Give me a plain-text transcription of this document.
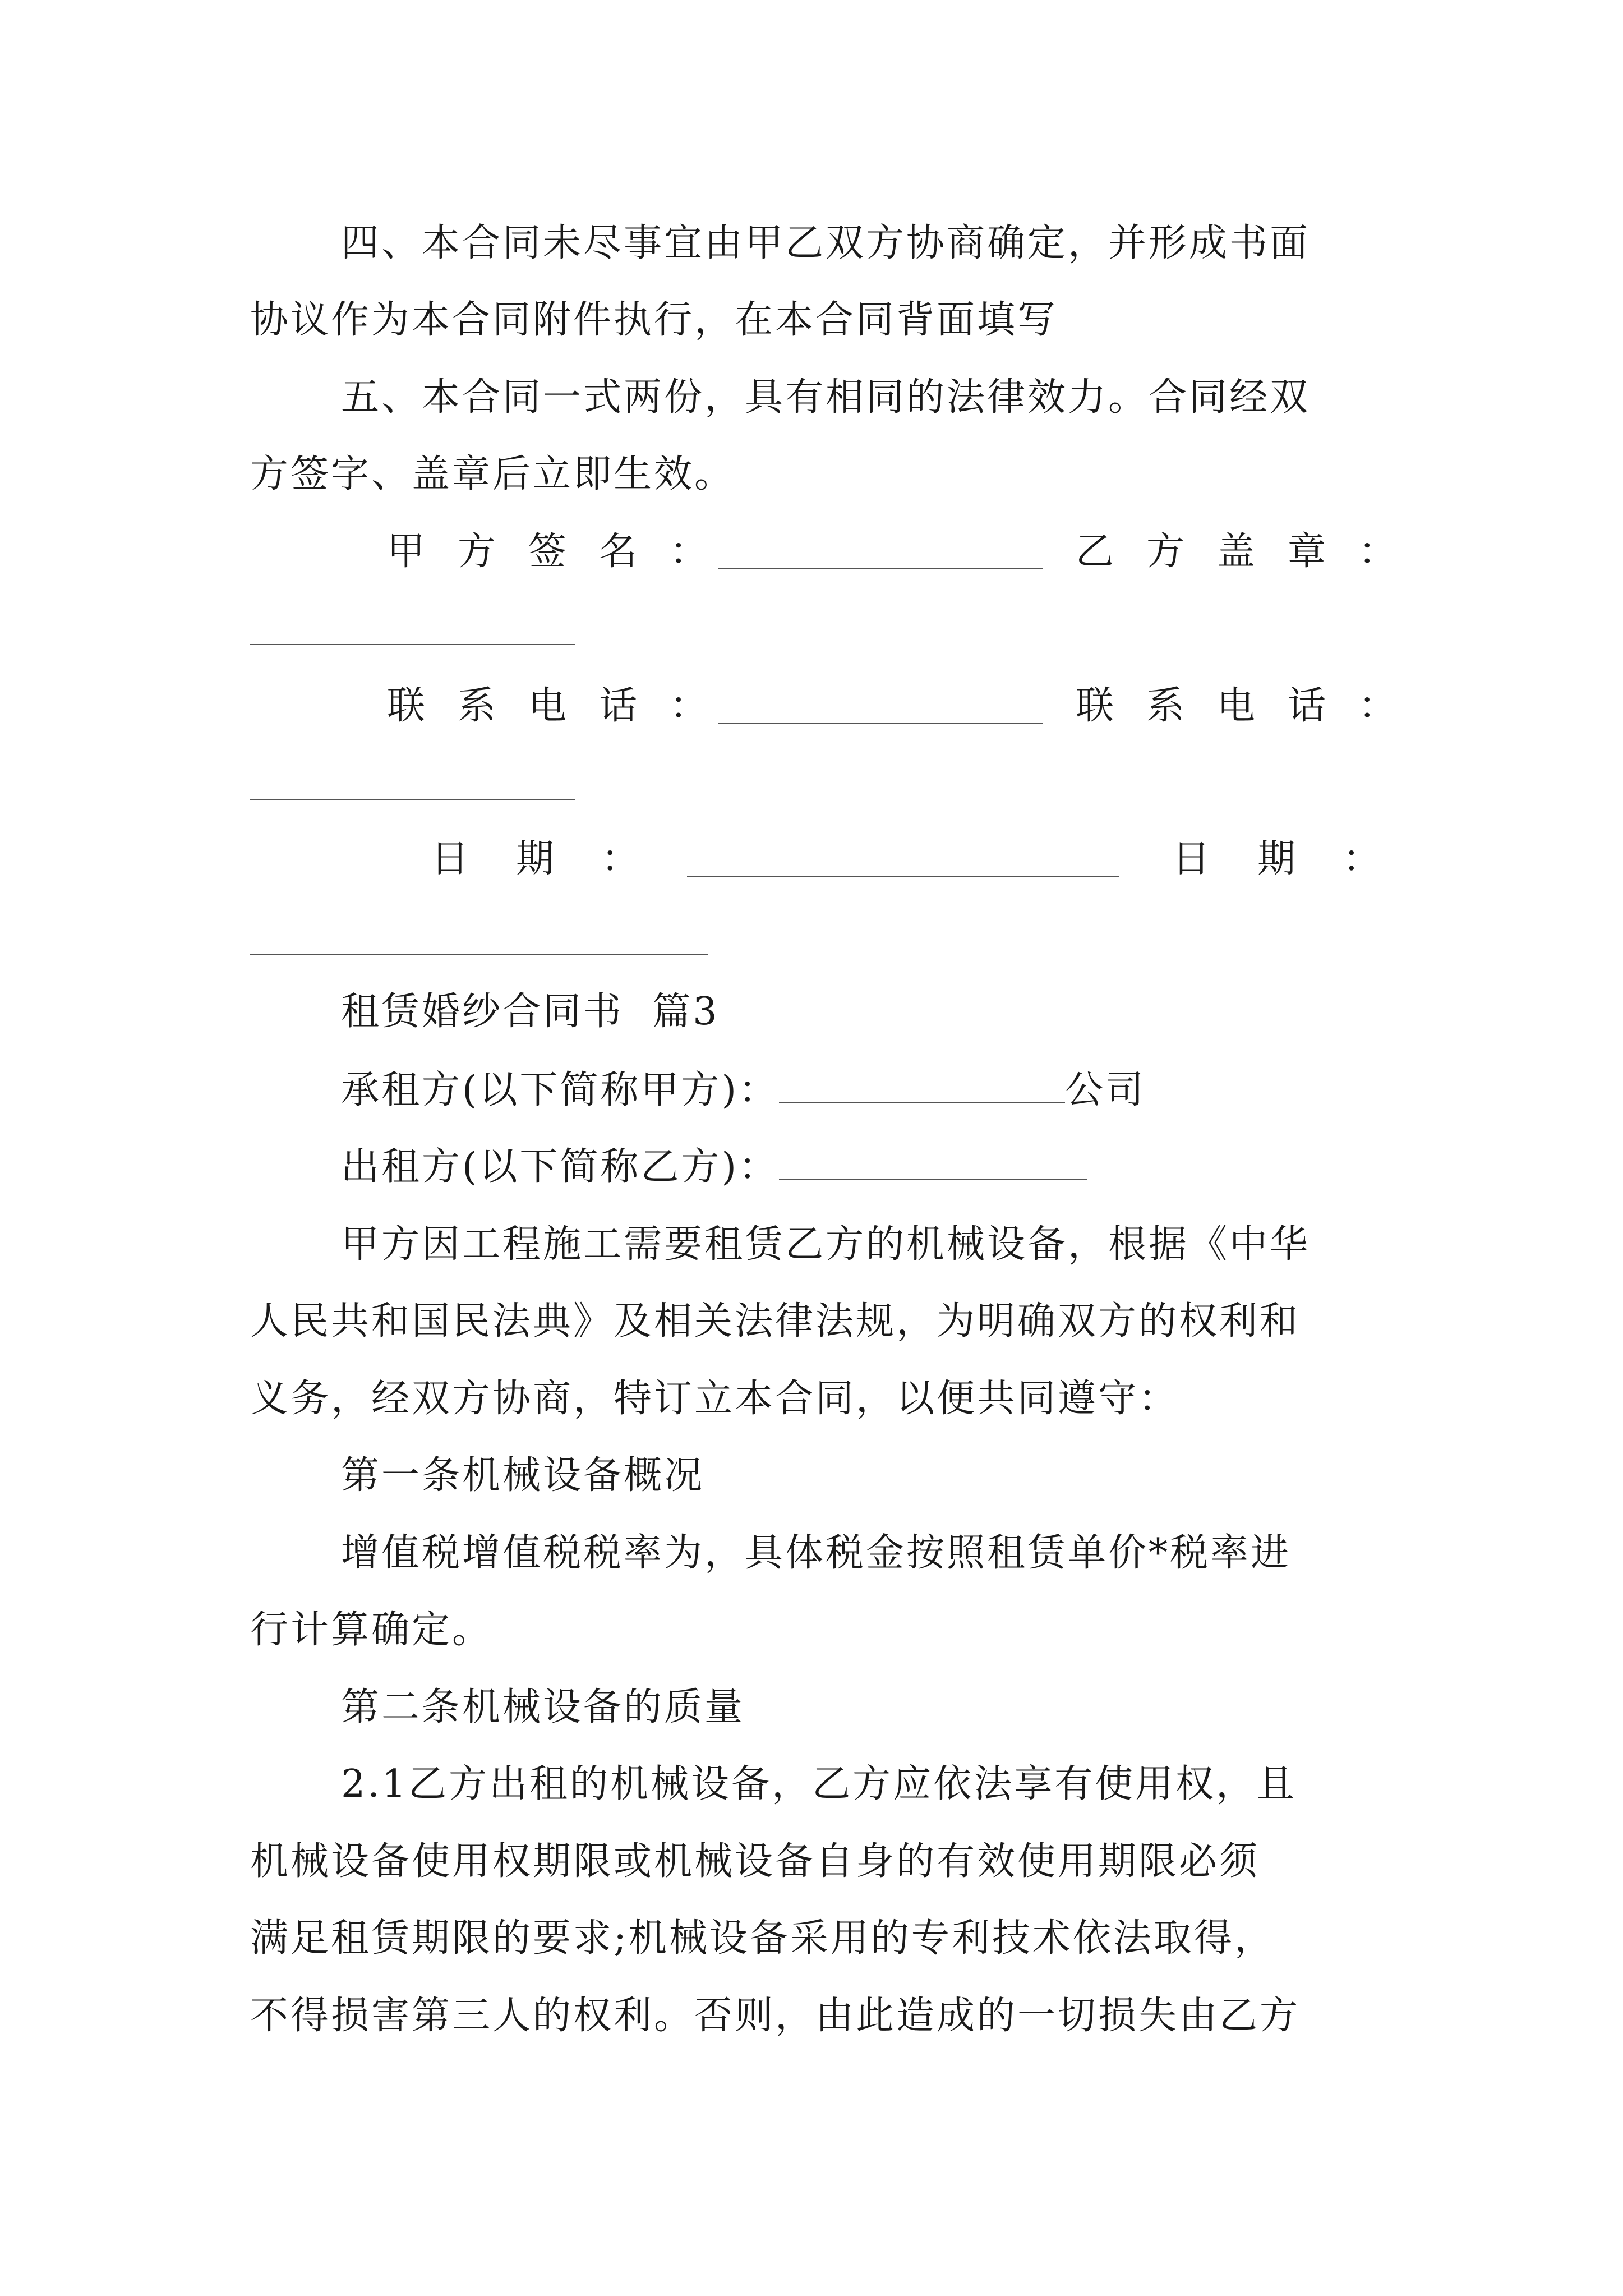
四、本合同未尽事宜由甲乙双方协商确定，并形成书面
协议作为本合同附件执行，在本合同背面填写
五、本合同一式两份，具有相同的法律效力。合同经双
方签字、盖章后立即生效。
甲方签名：	乙方盖章：
联系电话：	联系电话：
日期：	日期：
租赁婚纱合同书  篇3
承租方(以下简称甲方)：	公司
出租方(以下简称乙方)：
甲方因工程施工需要租赁乙方的机械设备，根据《中华
人民共和国民法典》及相关法律法规，为明确双方的权利和
义务，经双方协商，特订立本合同，以便共同遵守：
第一条机械设备概况
增值税增值税税率为，具体税金按照租赁单价*税率进
行计算确定。
第二条机械设备的质量
2.1乙方出租的机械设备，乙方应依法享有使用权，且
机械设备使用权期限或机械设备自身的有效使用期限必须
满足租赁期限的要求;机械设备采用的专利技术依法取得，
不得损害第三人的权利。否则，由此造成的一切损失由乙方
